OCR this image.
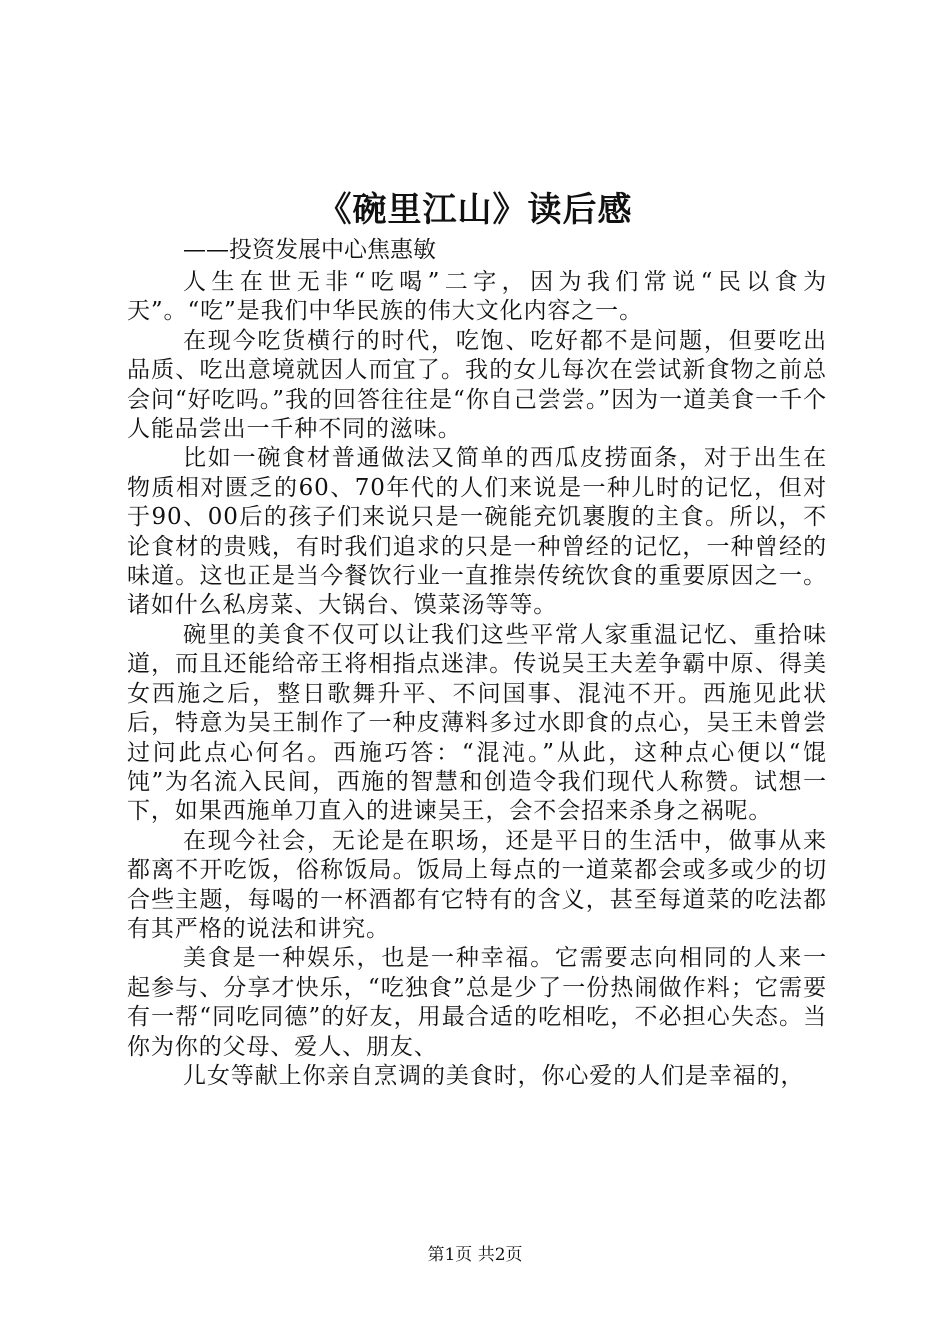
《碗里江山》读后感
——投资发展中心焦惠敏

人生在世无非“吃喝”二字，因为我们常说“民以食为天”。“吃”是我们中华民族的伟大文化内容之一。

在现今吃货横行的时代，吃饱、吃好都不是问题，但要吃出品质、吃出意境就因人而宜了。我的女儿每次在尝试新食物之前总会问“好吃吗。”我的回答往往是“你自己尝尝。”因为一道美食一千个人能品尝出一千种不同的滋味。

比如一碗食材普通做法又简单的西瓜皮捞面条，对于出生在物质相对匮乏的60、70年代的人们来说是一种儿时的记忆，但对于90、00后的孩子们来说只是一碗能充饥裹腹的主食。所以，不论食材的贵贱，有时我们追求的只是一种曾经的记忆，一种曾经的味道。这也正是当今餐饮行业一直推崇传统饮食的重要原因之一。诸如什么私房菜、大锅台、馍菜汤等等。

碗里的美食不仅可以让我们这些平常人家重温记忆、重拾味道，而且还能给帝王将相指点迷津。传说吴王夫差争霸中原、得美女西施之后，整日歌舞升平、不问国事、混沌不开。西施见此状后，特意为吴王制作了一种皮薄料多过水即食的点心，吴王未曾尝过问此点心何名。西施巧答：“混沌。”从此，这种点心便以“馄饨”为名流入民间，西施的智慧和创造令我们现代人称赞。试想一下，如果西施单刀直入的进谏吴王，会不会招来杀身之祸呢。

在现今社会，无论是在职场，还是平日的生活中，做事从来都离不开吃饭，俗称饭局。饭局上每点的一道菜都会或多或少的切合些主题，每喝的一杯酒都有它特有的含义，甚至每道菜的吃法都有其严格的说法和讲究。

美食是一种娱乐，也是一种幸福。它需要志向相同的人来一起参与、分享才快乐，“吃独食”总是少了一份热闹做作料；它需要有一帮“同吃同德”的好友，用最合适的吃相吃，不必担心失态。当你为你的父母、爱人、朋友、

儿女等献上你亲自烹调的美食时，你心爱的人们是幸福的，

第1页 共2页
